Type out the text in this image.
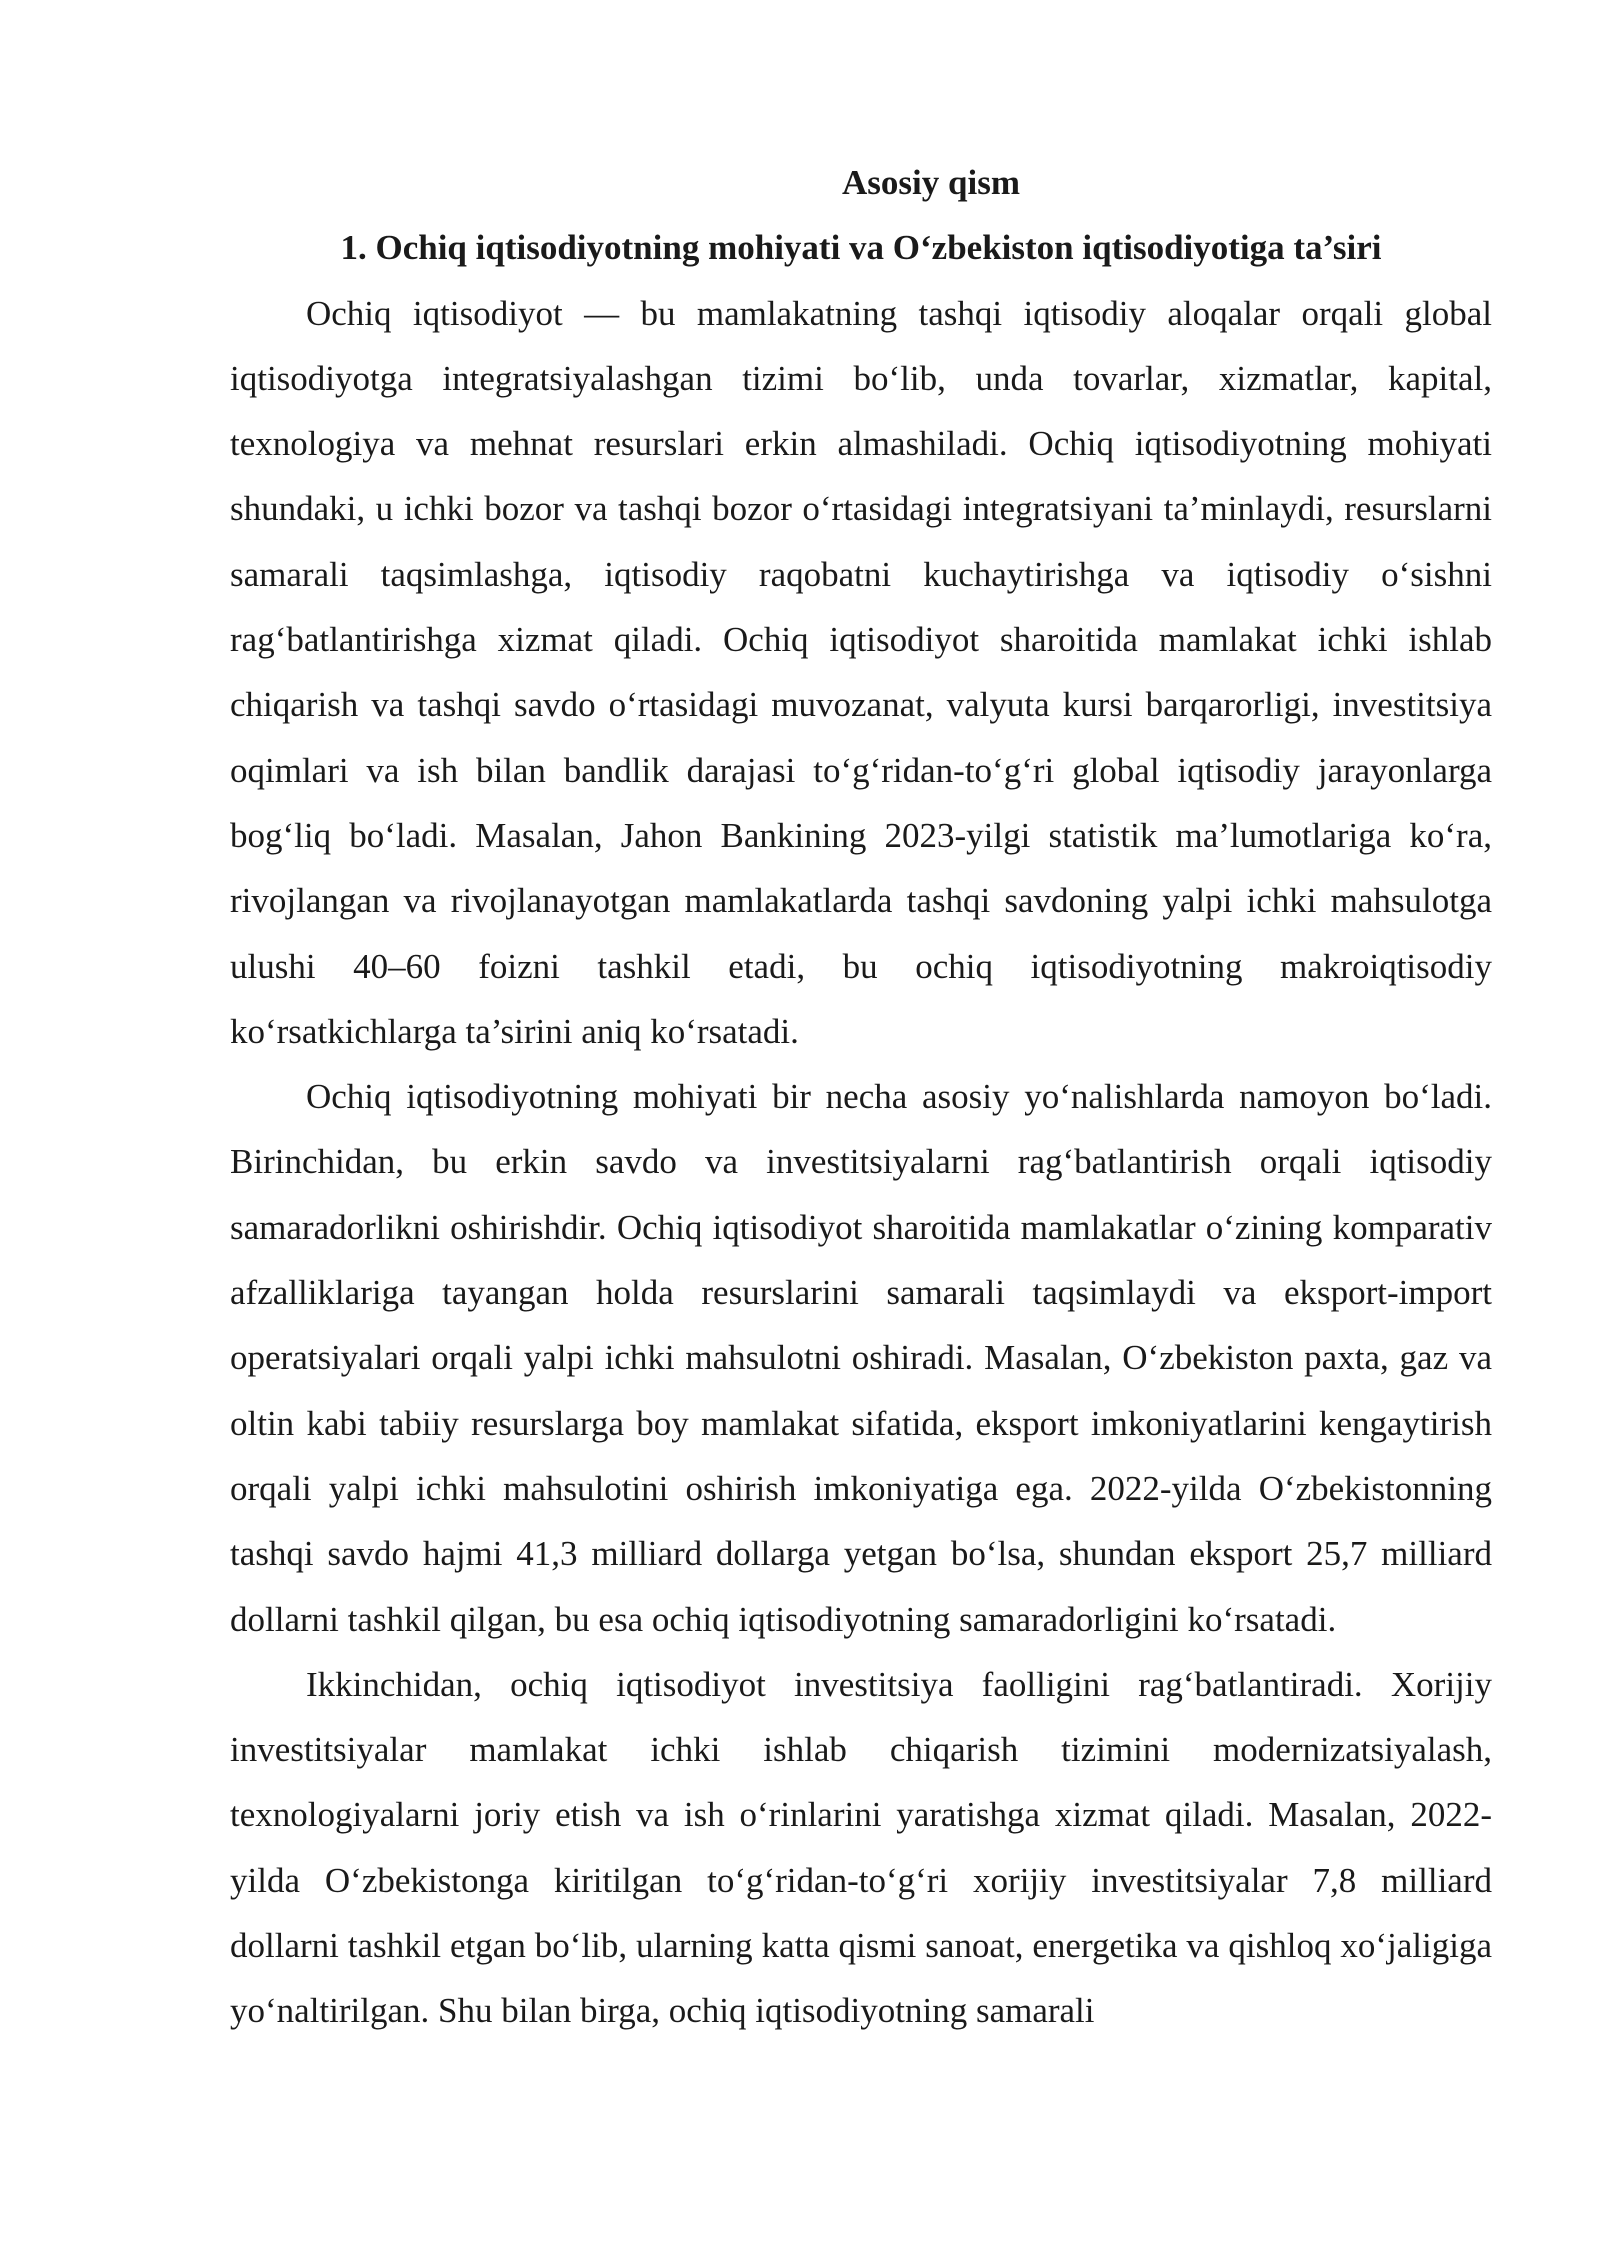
Asosiy qism

1. Ochiq iqtisodiyotning mohiyati va O‘zbekiston iqtisodiyotiga ta’siri

Ochiq iqtisodiyot — bu mamlakatning tashqi iqtisodiy aloqalar orqali global iqtisodiyotga integratsiyalashgan tizimi bo‘lib, unda tovarlar, xizmatlar, kapital, texnologiya va mehnat resurslari erkin almashiladi. Ochiq iqtisodiyotning mohiyati shundaki, u ichki bozor va tashqi bozor o‘rtasidagi integratsiyani ta’minlaydi, resurslarni samarali taqsimlashga, iqtisodiy raqobatni kuchaytirishga va iqtisodiy o‘sishni rag‘batlantirishga xizmat qiladi. Ochiq iqtisodiyot sharoitida mamlakat ichki ishlab chiqarish va tashqi savdo o‘rtasidagi muvozanat, valyuta kursi barqarorligi, investitsiya oqimlari va ish bilan bandlik darajasi to‘g‘ridan-to‘g‘ri global iqtisodiy jarayonlarga bog‘liq bo‘ladi. Masalan, Jahon Bankining 2023-yilgi statistik ma’lumotlariga ko‘ra, rivojlangan va rivojlanayotgan mamlakatlarda tashqi savdoning yalpi ichki mahsulotga ulushi 40–60 foizni tashkil etadi, bu ochiq iqtisodiyotning makroiqtisodiy ko‘rsatkichlarga ta’sirini aniq ko‘rsatadi.

Ochiq iqtisodiyotning mohiyati bir necha asosiy yo‘nalishlarda namoyon bo‘ladi. Birinchidan, bu erkin savdo va investitsiyalarni rag‘batlantirish orqali iqtisodiy samaradorlikni oshirishdir. Ochiq iqtisodiyot sharoitida mamlakatlar o‘zining komparativ afzalliklariga tayangan holda resurslarini samarali taqsimlaydi va eksport-import operatsiyalari orqali yalpi ichki mahsulotni oshiradi. Masalan, O‘zbekiston paxta, gaz va oltin kabi tabiiy resurslarga boy mamlakat sifatida, eksport imkoniyatlarini kengaytirish orqali yalpi ichki mahsulotini oshirish imkoniyatiga ega. 2022-yilda O‘zbekistonning tashqi savdo hajmi 41,3 milliard dollarga yetgan bo‘lsa, shundan eksport 25,7 milliard dollarni tashkil qilgan, bu esa ochiq iqtisodiyotning samaradorligini ko‘rsatadi.

Ikkinchidan, ochiq iqtisodiyot investitsiya faolligini rag‘batlantiradi. Xorijiy investitsiyalar mamlakat ichki ishlab chiqarish tizimini modernizatsiyalash, texnologiyalarni joriy etish va ish o‘rinlarini yaratishga xizmat qiladi. Masalan, 2022-yilda O‘zbekistonga kiritilgan to‘g‘ridan-to‘g‘ri xorijiy investitsiyalar 7,8 milliard dollarni tashkil etgan bo‘lib, ularning katta qismi sanoat, energetika va qishloq xo‘jaligiga yo‘naltirilgan. Shu bilan birga, ochiq iqtisodiyotning samarali
